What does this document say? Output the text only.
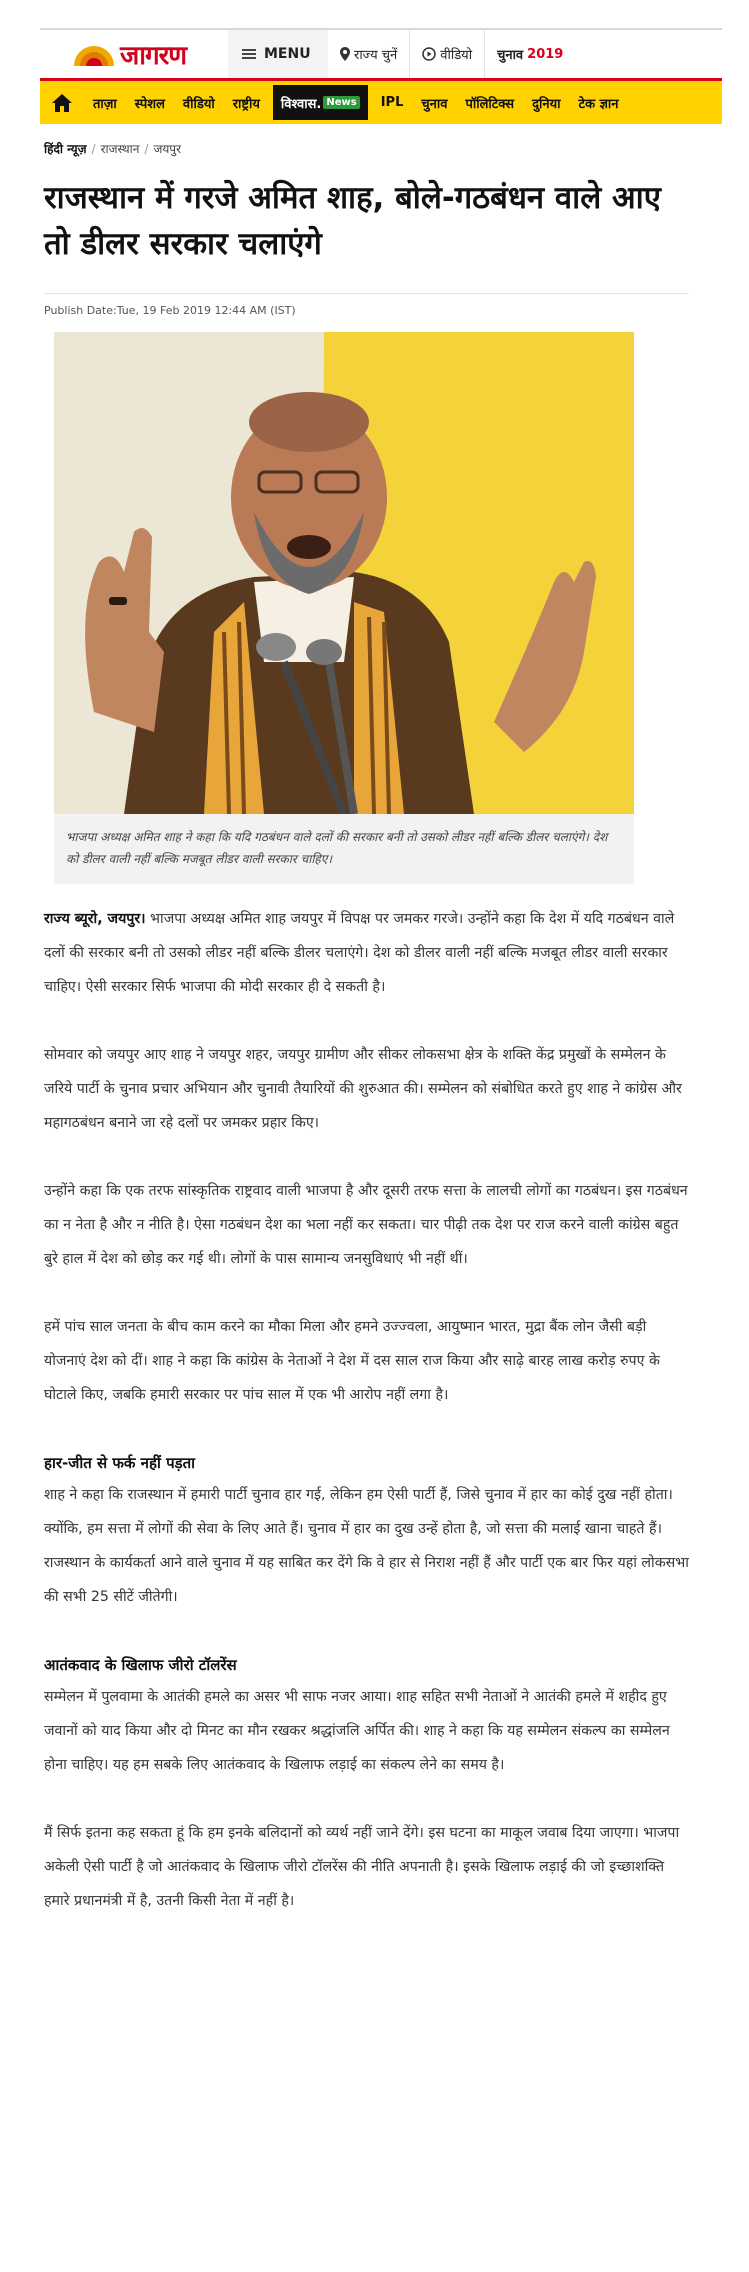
जागरण	MENU	राज्य चुनें	वीडियो चुनाव 2019
ताज़ा	स्पेशल	वीडियो	राष्ट्रीय	विश्वास. News	IPL	चुनाव	पॉलिटिक्स	दुनिया	टेक ज्ञान
हिंदी न्यूज़ / राजस्थान / जयपुर
राजस्थान में गरजे अमित शाह, बोले-गठबंधन वाले आए तो डीलर सरकार चलाएंगे
Publish Date:Tue, 19 Feb 2019 12:44 AM (IST)
भाजपा अध्यक्ष अमित शाह ने कहा कि यदि गठबंधन वाले दलों की सरकार बनी तो उसको लीडर नहीं बल्कि डीलर चलाएंगे। देश को डीलर वाली नहीं बल्कि मजबूत लीडर वाली सरकार चाहिए।

राज्य ब्यूरो, जयपुर। भाजपा अध्यक्ष अमित शाह जयपुर में विपक्ष पर जमकर गरजे। उन्होंने कहा कि देश में यदि गठबंधन वाले दलों की सरकार बनी तो उसको लीडर नहीं बल्कि डीलर चलाएंगे। देश को डीलर वाली नहीं बल्कि मजबूत लीडर वाली सरकार चाहिए। ऐसी सरकार सिर्फ भाजपा की मोदी सरकार ही दे सकती है।

सोमवार को जयपुर आए शाह ने जयपुर शहर, जयपुर ग्रामीण और सीकर लोकसभा क्षेत्र के शक्ति केंद्र प्रमुखों के सम्मेलन के जरिये पार्टी के चुनाव प्रचार अभियान और चुनावी तैयारियों की शुरुआत की। सम्मेलन को संबोधित करते हुए शाह ने कांग्रेस और महागठबंधन बनाने जा रहे दलों पर जमकर प्रहार किए।

उन्होंने कहा कि एक तरफ सांस्कृतिक राष्ट्रवाद वाली भाजपा है और दूसरी तरफ सत्ता के लालची लोगों का गठबंधन। इस गठबंधन का न नेता है और न नीति है। ऐसा गठबंधन देश का भला नहीं कर सकता। चार पीढ़ी तक देश पर राज करने वाली कांग्रेस बहुत बुरे हाल में देश को छोड़ कर गई थी। लोगों के पास सामान्य जनसुविधाएं भी नहीं थीं।

हमें पांच साल जनता के बीच काम करने का मौका मिला और हमने उज्ज्वला, आयुष्मान भारत, मुद्रा बैंक लोन जैसी बड़ी योजनाएं देश को दीं। शाह ने कहा कि कांग्रेस के नेताओं ने देश में दस साल राज किया और साढ़े बारह लाख करोड़ रुपए के घोटाले किए, जबकि हमारी सरकार पर पांच साल में एक भी आरोप नहीं लगा है।

हार-जीत से फर्क नहीं पड़ता

शाह ने कहा कि राजस्थान में हमारी पार्टी चुनाव हार गई, लेकिन हम ऐसी पार्टी हैं, जिसे चुनाव में हार का कोई दुख नहीं होता। क्योंकि, हम सत्ता में लोगों की सेवा के लिए आते हैं। चुनाव में हार का दुख उन्हें होता है, जो सत्ता की मलाई खाना चाहते हैं। राजस्थान के कार्यकर्ता आने वाले चुनाव में यह साबित कर देंगे कि वे हार से निराश नहीं हैं और पार्टी एक बार फिर यहां लोकसभा की सभी 25 सीटें जीतेगी।

आतंकवाद के खिलाफ जीरो टॉलरेंस

सम्मेलन में पुलवामा के आतंकी हमले का असर भी साफ नजर आया। शाह सहित सभी नेताओं ने आतंकी हमले में शहीद हुए जवानों को याद किया और दो मिनट का मौन रखकर श्रद्धांजलि अर्पित की। शाह ने कहा कि यह सम्मेलन संकल्प का सम्मेलन होना चाहिए। यह हम सबके लिए आतंकवाद के खिलाफ लड़ाई का संकल्प लेने का समय है।

मैं सिर्फ इतना कह सकता हूं कि हम इनके बलिदानों को व्यर्थ नहीं जाने देंगे। इस घटना का माकूल जवाब दिया जाएगा। भाजपा अकेली ऐसी पार्टी है जो आतंकवाद के खिलाफ जीरो टॉलरेंस की नीति अपनाती है। इसके खिलाफ लड़ाई की जो इच्छाशक्ति हमारे प्रधानमंत्री में है, उतनी किसी नेता में नहीं है।
